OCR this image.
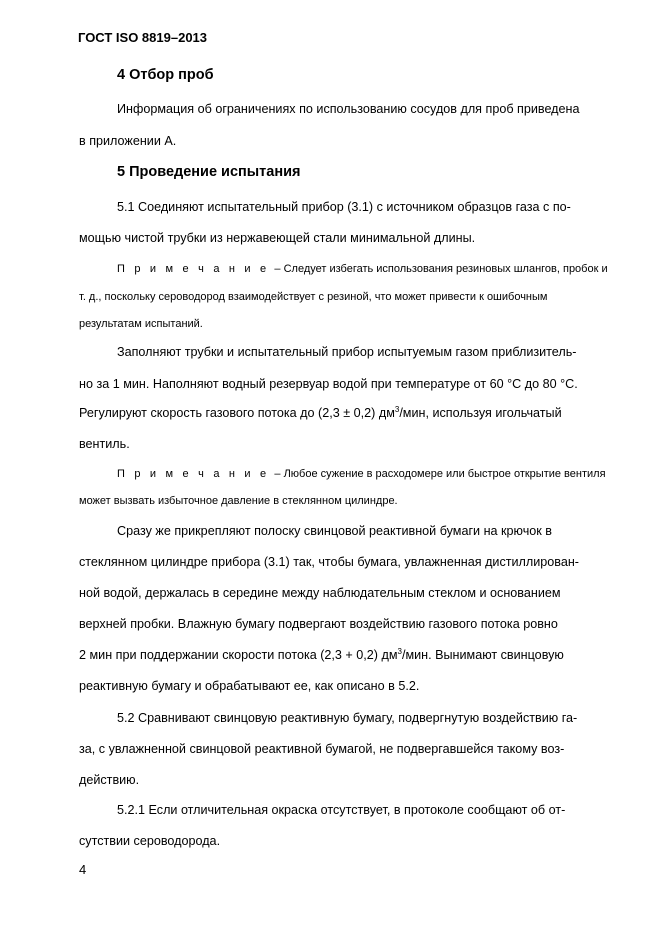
ГОСТ ISO 8819–2013
4 Отбор проб
Информация об ограничениях по использованию сосудов для проб приведена
в приложении А.
5 Проведение испытания
5.1 Соединяют испытательный прибор (3.1) с источником образцов газа с по-
мощью чистой трубки из нержавеющей стали минимальной длины.
П р и м е ч а н и е – Следует избегать использования резиновых шлангов, пробок и
т. д., поскольку сероводород взаимодействует с резиной, что может привести к ошибочным
результатам испытаний.
Заполняют трубки и испытательный прибор испытуемым газом приблизитель-
но за 1 мин. Наполняют водный резервуар водой при температуре от 60 °С до 80 °С.
Регулируют скорость газового потока до (2,3 ± 0,2) $дм^3$/мин, используя игольчатый
вентиль.
П р и м е ч а н и е – Любое сужение в расходомере или быстрое открытие вентиля
может вызвать избыточное давление в стеклянном цилиндре.
Сразу же прикрепляют полоску свинцовой реактивной бумаги на крючок в
стеклянном цилиндре прибора (3.1) так, чтобы бумага, увлажненная дистиллирован-
ной водой, держалась в середине между наблюдательным стеклом и основанием
верхней пробки. Влажную бумагу подвергают воздействию газового потока ровно
2 мин при поддержании скорости потока (2,3 + 0,2) $дм^3$/мин. Вынимают свинцовую
реактивную бумагу и обрабатывают ее, как описано в 5.2.
5.2 Сравнивают свинцовую реактивную бумагу, подвергнутую воздействию га-
за, с увлажненной свинцовой реактивной бумагой, не подвергавшейся такому воз-
действию.
5.2.1 Если отличительная окраска отсутствует, в протоколе сообщают об от-
сутствии сероводорода.
4
